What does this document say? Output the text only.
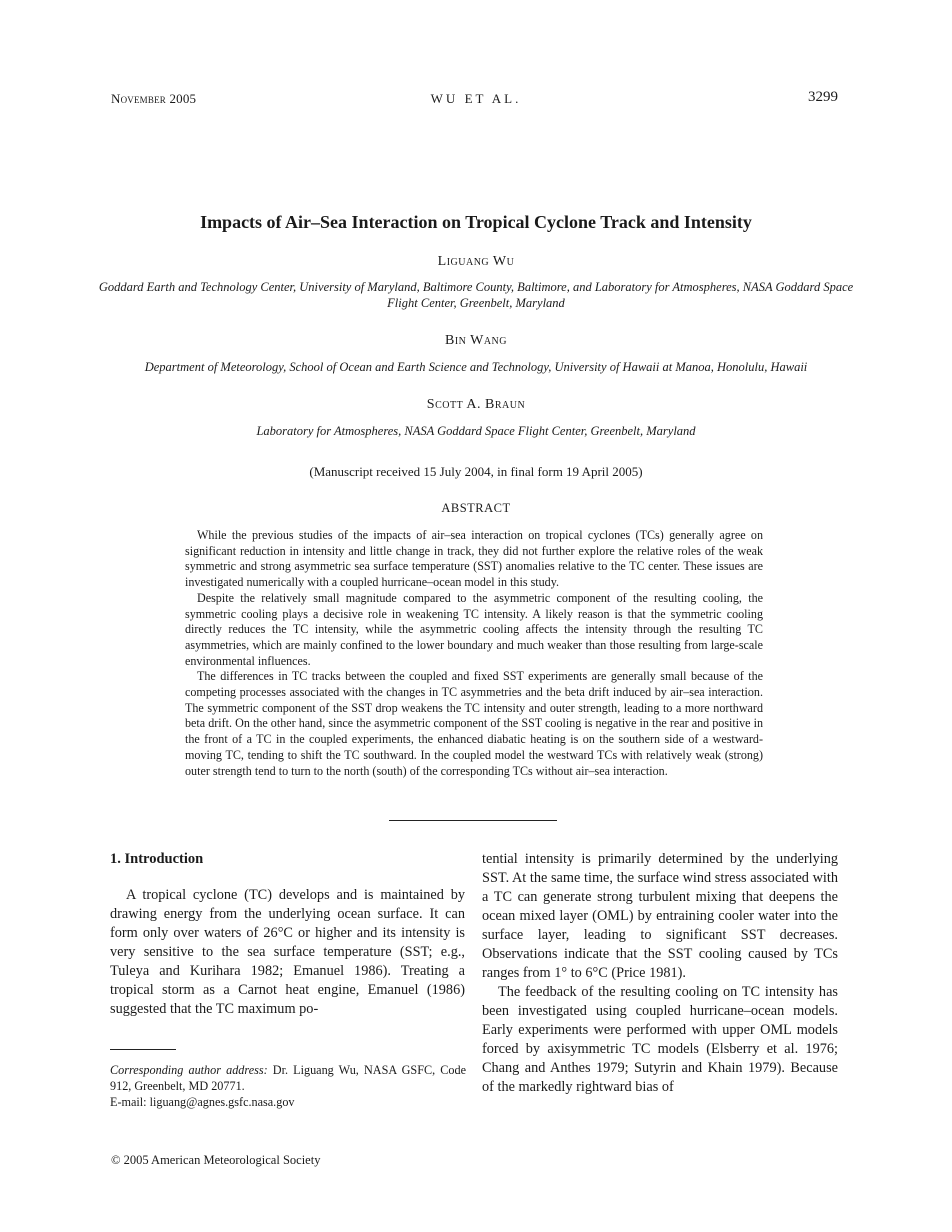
November 2005	WU ET AL.	3299
Impacts of Air–Sea Interaction on Tropical Cyclone Track and Intensity
Liguang Wu
Goddard Earth and Technology Center, University of Maryland, Baltimore County, Baltimore, and Laboratory for Atmospheres, NASA Goddard Space Flight Center, Greenbelt, Maryland
Bin Wang
Department of Meteorology, School of Ocean and Earth Science and Technology, University of Hawaii at Manoa, Honolulu, Hawaii
Scott A. Braun
Laboratory for Atmospheres, NASA Goddard Space Flight Center, Greenbelt, Maryland
(Manuscript received 15 July 2004, in final form 19 April 2005)
ABSTRACT

While the previous studies of the impacts of air–sea interaction on tropical cyclones (TCs) generally agree on significant reduction in intensity and little change in track, they did not further explore the relative roles of the weak symmetric and strong asymmetric sea surface temperature (SST) anomalies relative to the TC center. These issues are investigated numerically with a coupled hurricane–ocean model in this study.

Despite the relatively small magnitude compared to the asymmetric component of the resulting cooling, the symmetric cooling plays a decisive role in weakening TC intensity. A likely reason is that the symmetric cooling directly reduces the TC intensity, while the asymmetric cooling affects the intensity through the resulting TC asymmetries, which are mainly confined to the lower boundary and much weaker than those resulting from large-scale environmental influences.

The differences in TC tracks between the coupled and fixed SST experiments are generally small because of the competing processes associated with the changes in TC asymmetries and the beta drift induced by air–sea interaction. The symmetric component of the SST drop weakens the TC intensity and outer strength, leading to a more northward beta drift. On the other hand, since the asymmetric component of the SST cooling is negative in the rear and positive in the front of a TC in the coupled experiments, the enhanced diabatic heating is on the southern side of a westward-moving TC, tending to shift the TC southward. In the coupled model the westward TCs with relatively weak (strong) outer strength tend to turn to the north (south) of the corresponding TCs without air–sea interaction.

1. Introduction

A tropical cyclone (TC) develops and is maintained by drawing energy from the underlying ocean surface. It can form only over waters of 26°C or higher and its intensity is very sensitive to the sea surface temperature (SST; e.g., Tuleya and Kurihara 1982; Emanuel 1986). Treating a tropical storm as a Carnot heat engine, Emanuel (1986) suggested that the TC maximum po-

tential intensity is primarily determined by the underlying SST. At the same time, the surface wind stress associated with a TC can generate strong turbulent mixing that deepens the ocean mixed layer (OML) by entraining cooler water into the surface layer, leading to significant SST decreases. Observations indicate that the SST cooling caused by TCs ranges from 1° to 6°C (Price 1981).

The feedback of the resulting cooling on TC intensity has been investigated using coupled hurricane–ocean models. Early experiments were performed with upper OML models forced by axisymmetric TC models (Elsberry et al. 1976; Chang and Anthes 1979; Sutyrin and Khain 1979). Because of the markedly rightward bias of

Corresponding author address: Dr. Liguang Wu, NASA GSFC, Code 912, Greenbelt, MD 20771.

E-mail: liguang@agnes.gsfc.nasa.gov

© 2005 American Meteorological Society
